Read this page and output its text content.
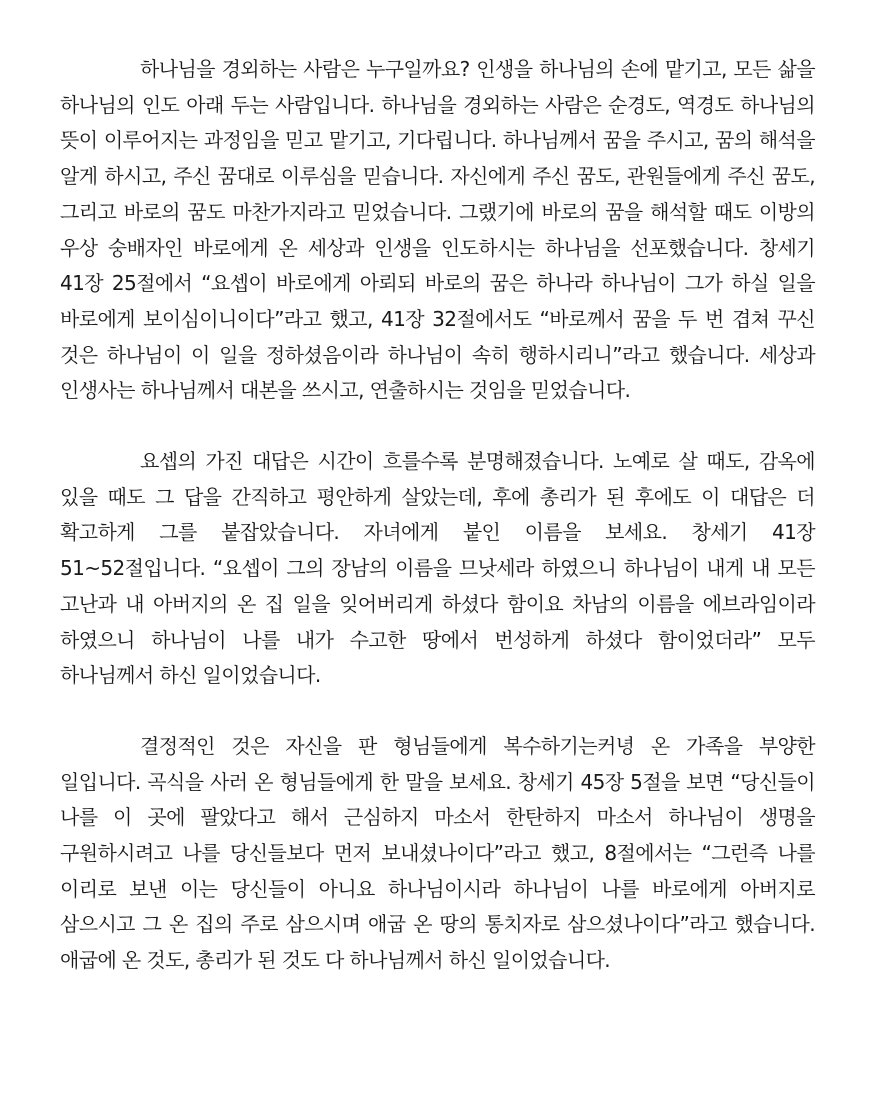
하나님을 경외하는 사람은 누구일까요? 인생을 하나님의 손에 맡기고, 모든 삶을 하나님의 인도 아래 두는 사람입니다. 하나님을 경외하는 사람은 순경도, 역경도 하나님의 뜻이 이루어지는 과정임을 믿고 맡기고, 기다립니다. 하나님께서 꿈을 주시고, 꿈의 해석을 알게 하시고, 주신 꿈대로 이루심을 믿습니다. 자신에게 주신 꿈도, 관원들에게 주신 꿈도, 그리고 바로의 꿈도 마찬가지라고 믿었습니다. 그랬기에 바로의 꿈을 해석할 때도 이방의 우상 숭배자인 바로에게 온 세상과 인생을 인도하시는 하나님을 선포했습니다. 창세기 41장 25절에서 “요셉이 바로에게 아뢰되 바로의 꿈은 하나라 하나님이 그가 하실 일을 바로에게 보이심이니이다”라고 했고, 41장 32절에서도 “바로께서 꿈을 두 번 겹쳐 꾸신 것은 하나님이 이 일을 정하셨음이라 하나님이 속히 행하시리니”라고 했습니다. 세상과 인생사는 하나님께서 대본을 쓰시고, 연출하시는 것임을 믿었습니다.

요셉의 가진 대답은 시간이 흐를수록 분명해졌습니다. 노예로 살 때도, 감옥에 있을 때도 그 답을 간직하고 평안하게 살았는데, 후에 총리가 된 후에도 이 대답은 더 확고하게 그를 붙잡았습니다. 자녀에게 붙인 이름을 보세요. 창세기 41장 51~52절입니다. “요셉이 그의 장남의 이름을 므낫세라 하였으니 하나님이 내게 내 모든 고난과 내 아버지의 온 집 일을 잊어버리게 하셨다 함이요 차남의 이름을 에브라임이라 하였으니 하나님이 나를 내가 수고한 땅에서 번성하게 하셨다 함이었더라” 모두 하나님께서 하신 일이었습니다.

결정적인 것은 자신을 판 형님들에게 복수하기는커녕 온 가족을 부양한 일입니다. 곡식을 사러 온 형님들에게 한 말을 보세요. 창세기 45장 5절을 보면 “당신들이 나를 이 곳에 팔았다고 해서 근심하지 마소서 한탄하지 마소서 하나님이 생명을 구원하시려고 나를 당신들보다 먼저 보내셨나이다”라고 했고, 8절에서는 “그런즉 나를 이리로 보낸 이는 당신들이 아니요 하나님이시라 하나님이 나를 바로에게 아버지로 삼으시고 그 온 집의 주로 삼으시며 애굽 온 땅의 통치자로 삼으셨나이다”라고 했습니다. 애굽에 온 것도, 총리가 된 것도 다 하나님께서 하신 일이었습니다.
